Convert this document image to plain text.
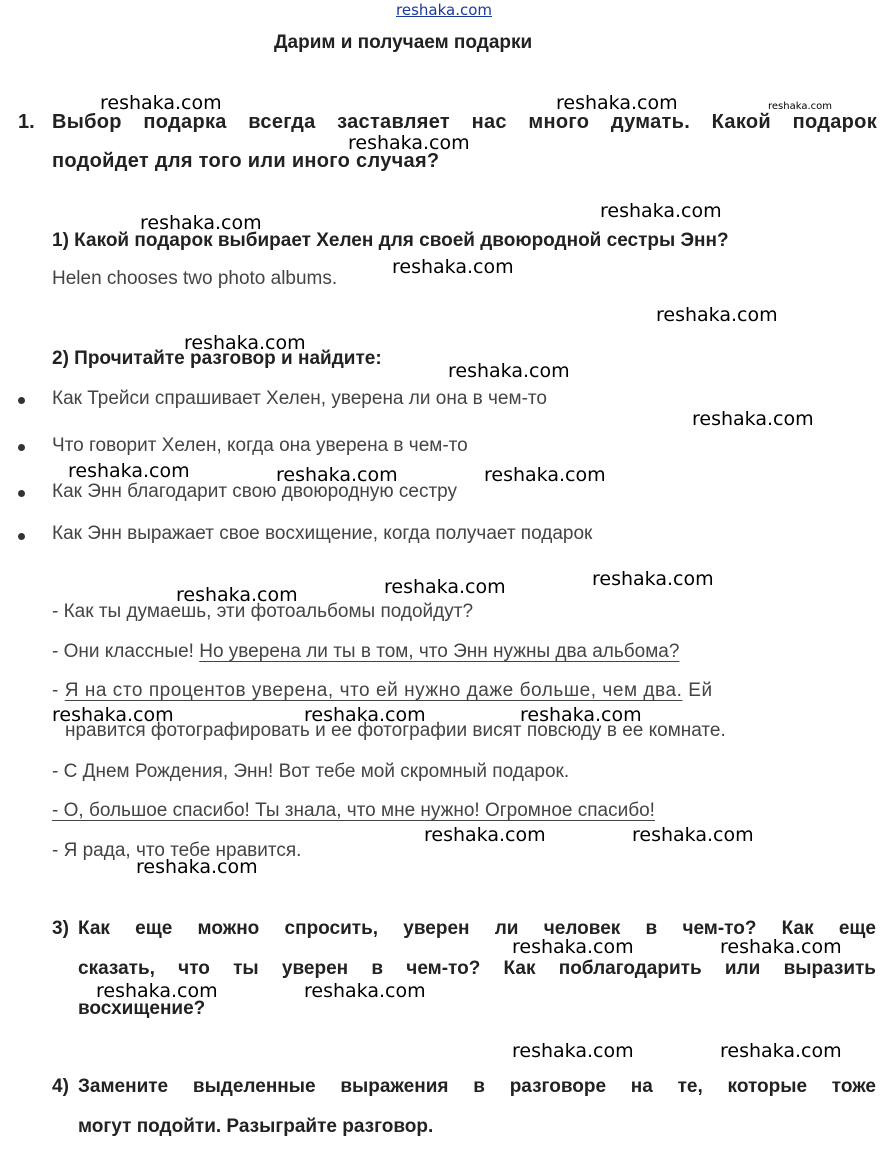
reshaka.com
Дарим и получаем подарки
1. Выбор подарка всегда заставляет нас много думать. Какой подарок
подойдет для того или иного случая?
1) Какой подарок выбирает Хелен для своей двоюродной сестры Энн?
Helen chooses two photo albums.
2) Прочитайте разговор и найдите:
Как Трейси спрашивает Хелен, уверена ли она в чем-то
Что говорит Хелен, когда она уверена в чем-то
Как Энн благодарит свою двоюродную сестру
Как Энн выражает свое восхищение, когда получает подарок
- Как ты думаешь, эти фотоальбомы подойдут?
- Они классные! Но уверена ли ты в том, что Энн нужны два альбома?
- Я на сто процентов уверена, что ей нужно даже больше, чем два. Ей
нравится фотографировать и ее фотографии висят повсюду в ее комнате.
- С Днем Рождения, Энн! Вот тебе мой скромный подарок.
- О, большое спасибо! Ты знала, что мне нужно! Огромное спасибо!
- Я рада, что тебе нравится.
3) Как еще можно спросить, уверен ли человек в чем-то? Как еще
сказать, что ты уверен в чем-то? Как поблагодарить или выразить
восхищение?
4) Замените выделенные выражения в разговоре на те, которые тоже
могут подойти. Разыграйте разговор.
reshaka.com	reshaka.com	reshaka.com
reshaka.com
reshaka.com
reshaka.com
reshaka.com
reshaka.com
reshaka.com
reshaka.com
reshaka.com
reshaka.com	reshaka.com	reshaka.com
reshaka.com
reshaka.com
reshaka.com
reshaka.com	reshaka.com	reshaka.com
reshaka.com	reshaka.com
reshaka.com
reshaka.com	reshaka.com
reshaka.com	reshaka.com
reshaka.com	reshaka.com
